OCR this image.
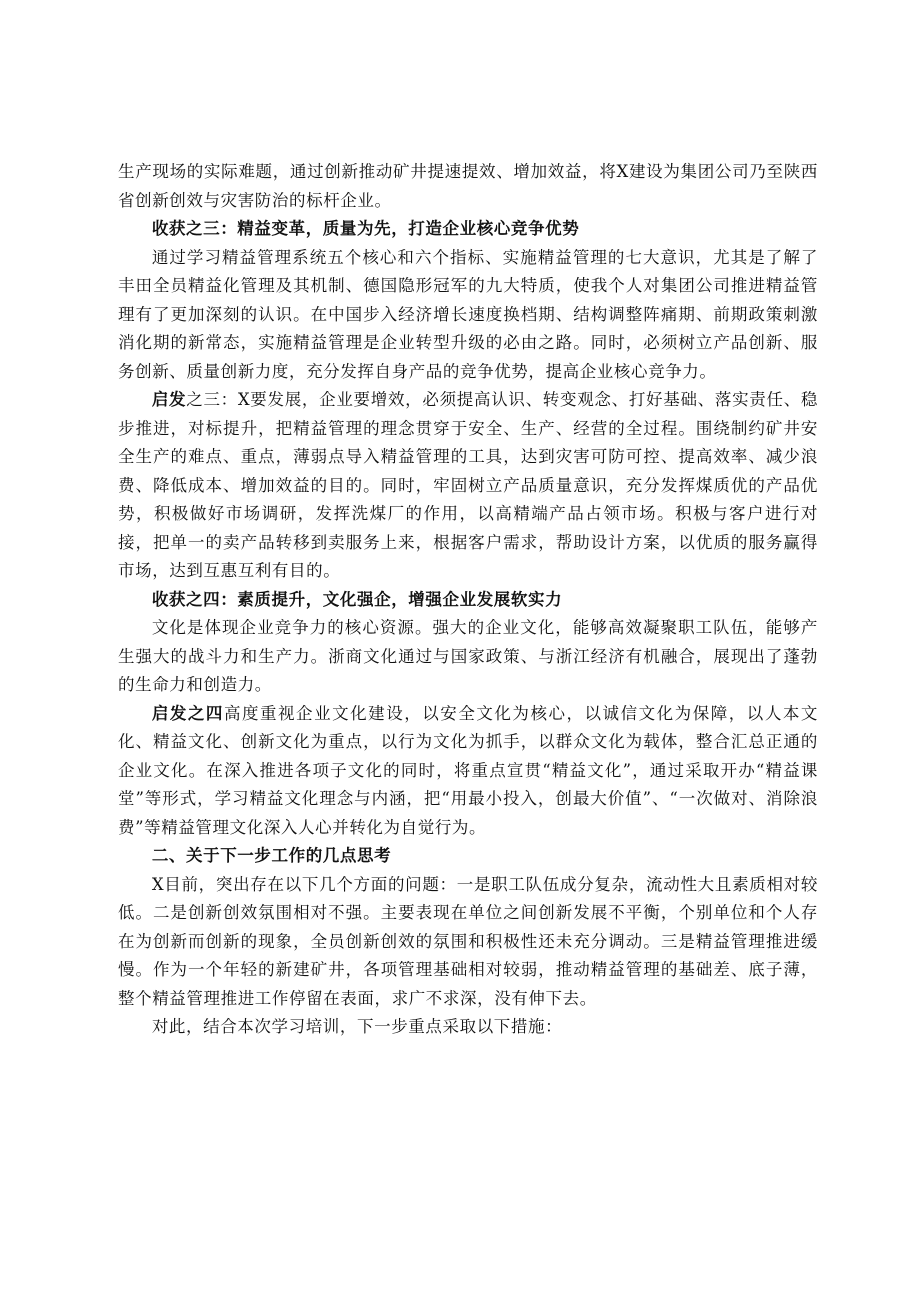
生产现场的实际难题，通过创新推动矿井提速提效、增加效益，将X建设为集团公司乃至陕西省创新创效与灾害防治的标杆企业。

收获之三：精益变革，质量为先，打造企业核心竞争优势

通过学习精益管理系统五个核心和六个指标、实施精益管理的七大意识，尤其是了解了丰田全员精益化管理及其机制、德国隐形冠军的九大特质，使我个人对集团公司推进精益管理有了更加深刻的认识。在中国步入经济增长速度换档期、结构调整阵痛期、前期政策刺激消化期的新常态，实施精益管理是企业转型升级的必由之路。同时，必须树立产品创新、服务创新、质量创新力度，充分发挥自身产品的竞争优势，提高企业核心竞争力。

启发之三：X要发展，企业要增效，必须提高认识、转变观念、打好基础、落实责任、稳步推进，对标提升，把精益管理的理念贯穿于安全、生产、经营的全过程。围绕制约矿井安全生产的难点、重点，薄弱点导入精益管理的工具，达到灾害可防可控、提高效率、减少浪费、降低成本、增加效益的目的。同时，牢固树立产品质量意识，充分发挥煤质优的产品优势，积极做好市场调研，发挥洗煤厂的作用，以高精端产品占领市场。积极与客户进行对接，把单一的卖产品转移到卖服务上来，根据客户需求，帮助设计方案，以优质的服务赢得市场，达到互惠互利有目的。

收获之四：素质提升，文化强企，增强企业发展软实力

文化是体现企业竞争力的核心资源。强大的企业文化，能够高效凝聚职工队伍，能够产生强大的战斗力和生产力。浙商文化通过与国家政策、与浙江经济有机融合，展现出了蓬勃的生命力和创造力。

启发之四高度重视企业文化建设，以安全文化为核心，以诚信文化为保障，以人本文化、精益文化、创新文化为重点，以行为文化为抓手，以群众文化为载体，整合汇总正通的企业文化。在深入推进各项子文化的同时，将重点宣贯“精益文化”，通过采取开办“精益课堂”等形式，学习精益文化理念与内涵，把“用最小投入，创最大价值”、“一次做对、消除浪费”等精益管理文化深入人心并转化为自觉行为。

二、关于下一步工作的几点思考

X目前，突出存在以下几个方面的问题：一是职工队伍成分复杂，流动性大且素质相对较低。二是创新创效氛围相对不强。主要表现在单位之间创新发展不平衡，个别单位和个人存在为创新而创新的现象，全员创新创效的氛围和积极性还未充分调动。三是精益管理推进缓慢。作为一个年轻的新建矿井，各项管理基础相对较弱，推动精益管理的基础差、底子薄，整个精益管理推进工作停留在表面，求广不求深，没有伸下去。

对此，结合本次学习培训，下一步重点采取以下措施：
